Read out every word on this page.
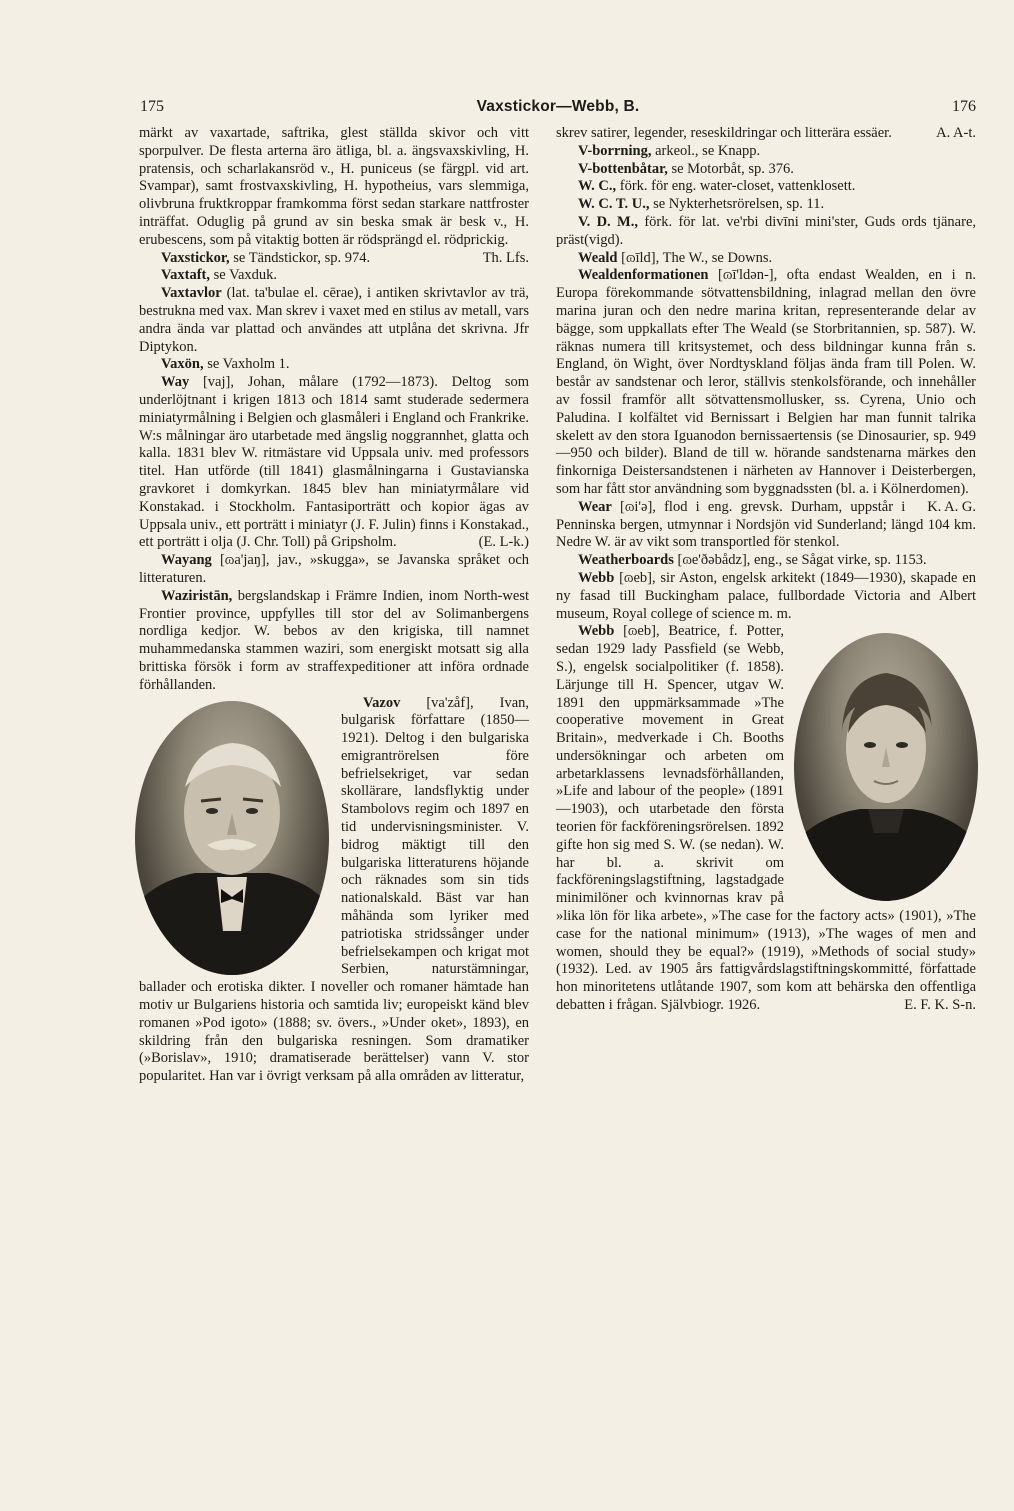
175	Vaxstickor—Webb, B.	176

märkt av vaxartade, saftrika, glest ställda skivor och vitt sporpulver. De flesta arterna äro ätliga, bl. a. ängsvaxskivling, H. pratensis, och scharlakansröd v., H. puniceus (se färgpl. vid art. Svampar), samt frostvaxskivling, H. hypotheius, vars slemmiga, olivbruna fruktkroppar framkomma först sedan starkare nattfroster inträffat. Oduglig på grund av sin beska smak är besk v., H. erubescens, som på vitaktig botten är rödsprängd el. rödprickig.
Th. Lfs.

Vaxstickor, se Tändstickor, sp. 974.

Vaxtaft, se Vaxduk.

Vaxtavlor (lat. ta'bulae el. cērae), i antiken skrivtavlor av trä, bestrukna med vax. Man skrev i vaxet med en stilus av metall, vars andra ända var plattad och användes att utplåna det skrivna. Jfr Diptykon.

Vaxön, se Vaxholm 1.

Way [vaj], Johan, målare (1792—1873). Deltog som underlöjtnant i krigen 1813 och 1814 samt studerade sedermera miniatyrmålning i Belgien och glasmåleri i England och Frankrike. W:s målningar äro utarbetade med ängslig noggrannhet, glatta och kalla. 1831 blev W. ritmästare vid Uppsala univ. med professors titel. Han utförde (till 1841) glasmålningarna i Gustavianska gravkoret i domkyrkan. 1845 blev han miniatyrmålare vid Konstakad. i Stockholm. Fantasiporträtt och kopior ägas av Uppsala univ., ett porträtt i miniatyr (J. F. Julin) finns i Konstakad., ett porträtt i olja (J. Chr. Toll) på Gripsholm.	(E. L-k.)

Wayang [ɷa'jaŋ], jav., »skugga», se Javanska språket och litteraturen.

Waziristān, bergslandskap i Främre Indien, inom North-west Frontier province, uppfylles till stor del av Solimanbergens nordliga kedjor. W. bebos av den krigiska, till namnet muhammedanska stammen waziri, som energiskt motsatt sig alla brittiska försök i form av straffexpeditioner att införa ordnade förhållanden.

Vazov [va'zåf], Ivan, bulgarisk författare (1850—1921). Deltog i den bulgariska emigrantrörelsen före befrielsekriget, var sedan skollärare, landsflyktig under Stambolovs regim och 1897 en tid undervisningsminister. V. bidrog mäktigt till den bulgariska litteraturens höjande och räknades som sin tids nationalskald. Bäst var han måhända som lyriker med patriotiska stridssånger under befrielsekampen och krigat mot Serbien, naturstämningar, ballader och erotiska dikter. I noveller och romaner hämtade han motiv ur Bulgariens historia och samtida liv; europeiskt känd blev romanen »Pod igoto» (1888; sv. övers., »Under oket», 1893), en skildring från den bulgariska resningen. Som dramatiker (»Borislav», 1910; dramatiserade berättelser) vann V. stor popularitet. Han var i övrigt verksam på alla områden av litteratur,

skrev satirer, legender, reseskildringar och litterära essäer.	A. A-t.

V-borrning, arkeol., se Knapp.

V-bottenbåtar, se Motorbåt, sp. 376.

W. C., förk. för eng. water-closet, vattenklosett.

W. C. T. U., se Nykterhetsrörelsen, sp. 11.

V. D. M., förk. för lat. ve'rbi divīni mini'ster, Guds ords tjänare, präst(vigd).

Weald [ɷīld], The W., se Downs.

Wealdenformationen [ɷī'ldən-], ofta endast Wealden, en i n. Europa förekommande sötvattensbildning, inlagrad mellan den övre marina juran och den nedre marina kritan, representerande delar av bägge, som uppkallats efter The Weald (se Storbritannien, sp. 587). W. räknas numera till kritsystemet, och dess bildningar kunna från s. England, ön Wight, över Nordtyskland följas ända fram till Polen. W. består av sandstenar och leror, ställvis stenkolsförande, och innehåller av fossil framför allt sötvattensmollusker, ss. Cyrena, Unio och Paludina. I kolfältet vid Bernissart i Belgien har man funnit talrika skelett av den stora Iguanodon bernissaertensis (se Dinosaurier, sp. 949—950 och bilder). Bland de till w. hörande sandstenarna märkes den finkorniga Deistersandstenen i närheten av Hannover i Deisterbergen, som har fått stor användning som byggnadssten (bl. a. i Kölnerdomen).
K. A. G.

Wear [ɷi'ə], flod i eng. grevsk. Durham, uppstår i Penninska bergen, utmynnar i Nordsjön vid Sunderland; längd 104 km. Nedre W. är av vikt som transportled för stenkol.

Weatherboards [ɷe'ðəbådz], eng., se Sågat virke, sp. 1153.

Webb [ɷeb], sir Aston, engelsk arkitekt (1849—1930), skapade en ny fasad till Buckingham palace, fullbordade Victoria and Albert museum, Royal college of science m. m.

Webb [ɷeb], Beatrice, f. Potter, sedan 1929 lady Passfield (se Webb, S.), engelsk socialpolitiker (f. 1858). Lärjunge till H. Spencer, utgav W. 1891 den uppmärksammade »The cooperative movement in Great Britain», medverkade i Ch. Booths undersökningar och arbeten om arbetarklassens levnadsförhållanden, »Life and labour of the people» (1891—1903), och utarbetade den första teorien för fackföreningsrörelsen. 1892 gifte hon sig med S. W. (se nedan). W. har bl. a. skrivit om fackföreningslagstiftning, lagstadgade minimilöner och kvinnornas krav på »lika lön för lika arbete», »The case for the factory acts» (1901), »The case for the national minimum» (1913), »The wages of men and women, should they be equal?» (1919), »Methods of social study» (1932). Led. av 1905 års fattigvårdslagstiftningskommitté, författade hon minoritetens utlåtande 1907, som kom att behärska den offentliga debatten i frågan. Självbiogr. 1926.	E. F. K. S-n.
